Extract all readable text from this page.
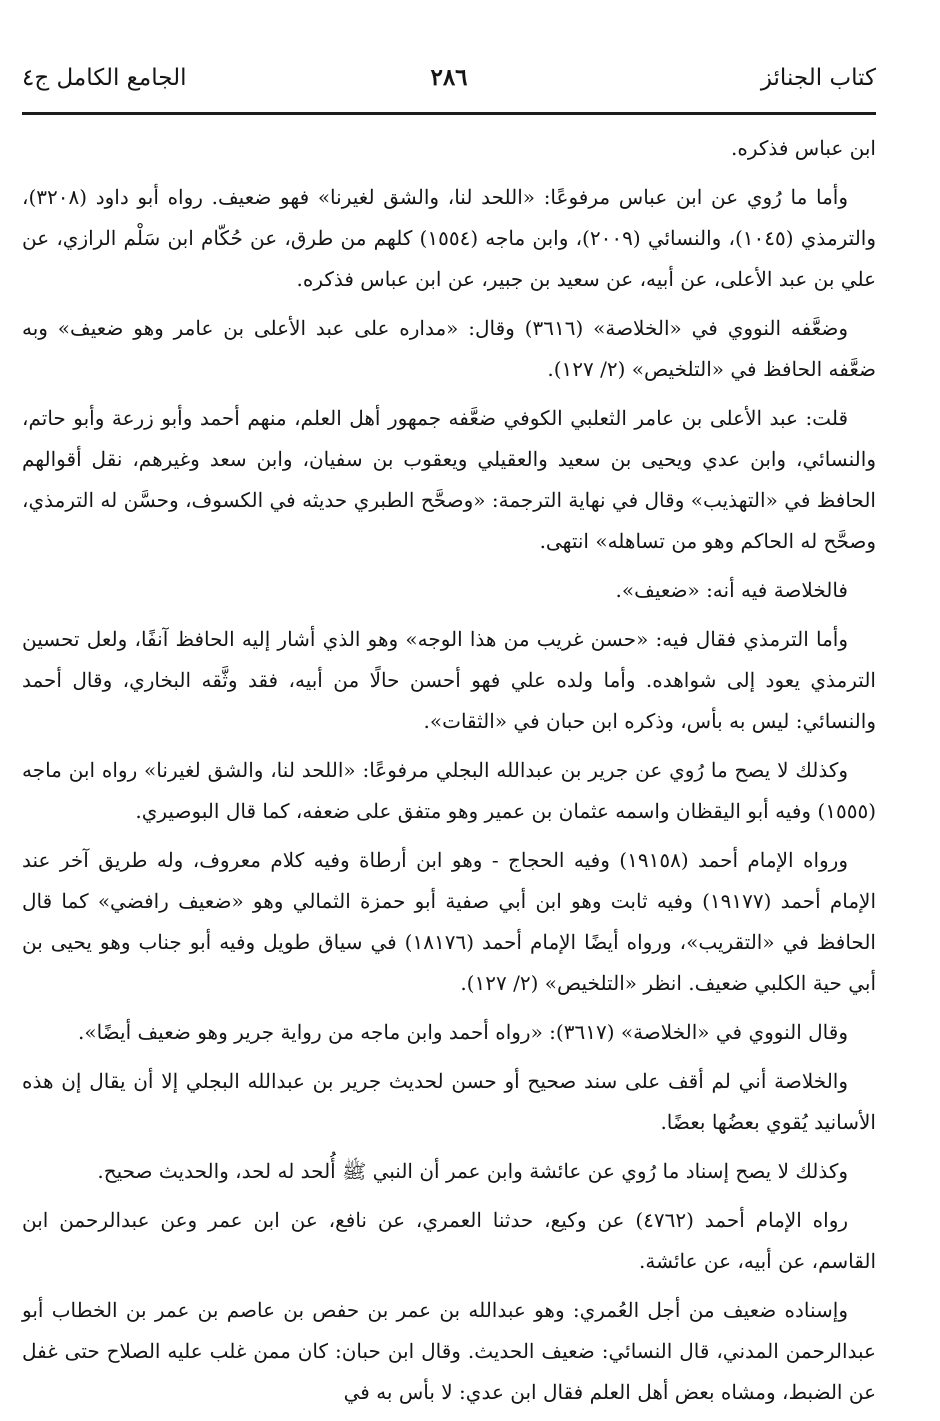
كتاب الجنائز
٢٨٦
الجامع الكامل ج٤

ابن عباس فذكره.

وأما ما رُوي عن ابن عباس مرفوعًا: «اللحد لنا، والشق لغيرنا» فهو ضعيف. رواه أبو داود (٣٢٠٨)، والترمذي (١٠٤٥)، والنسائي (٢٠٠٩)، وابن ماجه (١٥٥٤) كلهم من طرق، عن حُكّام ابن سَلْم الرازي، عن علي بن عبد الأعلى، عن أبيه، عن سعيد بن جبير، عن ابن عباس فذكره.

وضعَّفه النووي في «الخلاصة» (٣٦١٦) وقال: «مداره على عبد الأعلى بن عامر وهو ضعيف» وبه ضعَّفه الحافظ في «التلخيص» (٢/ ١٢٧).

قلت: عبد الأعلى بن عامر الثعلبي الكوفي ضعَّفه جمهور أهل العلم، منهم أحمد وأبو زرعة وأبو حاتم، والنسائي، وابن عدي ويحيى بن سعيد والعقيلي ويعقوب بن سفيان، وابن سعد وغيرهم، نقل أقوالهم الحافظ في «التهذيب» وقال في نهاية الترجمة: «وصحَّح الطبري حديثه في الكسوف، وحسَّن له الترمذي، وصحَّح له الحاكم وهو من تساهله» انتهى.

فالخلاصة فيه أنه: «ضعيف».

وأما الترمذي فقال فيه: «حسن غريب من هذا الوجه» وهو الذي أشار إليه الحافظ آنفًا، ولعل تحسين الترمذي يعود إلى شواهده. وأما ولده علي فهو أحسن حالًا من أبيه، فقد وثَّقه البخاري، وقال أحمد والنسائي: ليس به بأس، وذكره ابن حبان في «الثقات».

وكذلك لا يصح ما رُوي عن جرير بن عبدالله البجلي مرفوعًا: «اللحد لنا، والشق لغيرنا» رواه ابن ماجه (١٥٥٥) وفيه أبو اليقظان واسمه عثمان بن عمير وهو متفق على ضعفه، كما قال البوصيري.

ورواه الإمام أحمد (١٩١٥٨) وفيه الحجاج - وهو ابن أرطاة وفيه كلام معروف، وله طريق آخر عند الإمام أحمد (١٩١٧٧) وفيه ثابت وهو ابن أبي صفية أبو حمزة الثمالي وهو «ضعيف رافضي» كما قال الحافظ في «التقريب»، ورواه أيضًا الإمام أحمد (١٨١٧٦) في سياق طويل وفيه أبو جناب وهو يحيى بن أبي حية الكلبي ضعيف. انظر «التلخيص» (٢/ ١٢٧).

وقال النووي في «الخلاصة» (٣٦١٧): «رواه أحمد وابن ماجه من رواية جرير وهو ضعيف أيضًا».

والخلاصة أني لم أقف على سند صحيح أو حسن لحديث جرير بن عبدالله البجلي إلا أن يقال إن هذه الأسانيد يُقوي بعضُها بعضًا.

وكذلك لا يصح إسناد ما رُوي عن عائشة وابن عمر أن النبي ﷺ أُلحد له لحد، والحديث صحيح.

رواه الإمام أحمد (٤٧٦٢) عن وكيع، حدثنا العمري، عن نافع، عن ابن عمر وعن عبدالرحمن ابن القاسم، عن أبيه، عن عائشة.

وإسناده ضعيف من أجل العُمري: وهو عبدالله بن عمر بن حفص بن عاصم بن عمر بن الخطاب أبو عبدالرحمن المدني، قال النسائي: ضعيف الحديث. وقال ابن حبان: كان ممن غلب عليه الصلاح حتى غفل عن الضبط، ومشاه بعض أهل العلم فقال ابن عدي: لا بأس به في
